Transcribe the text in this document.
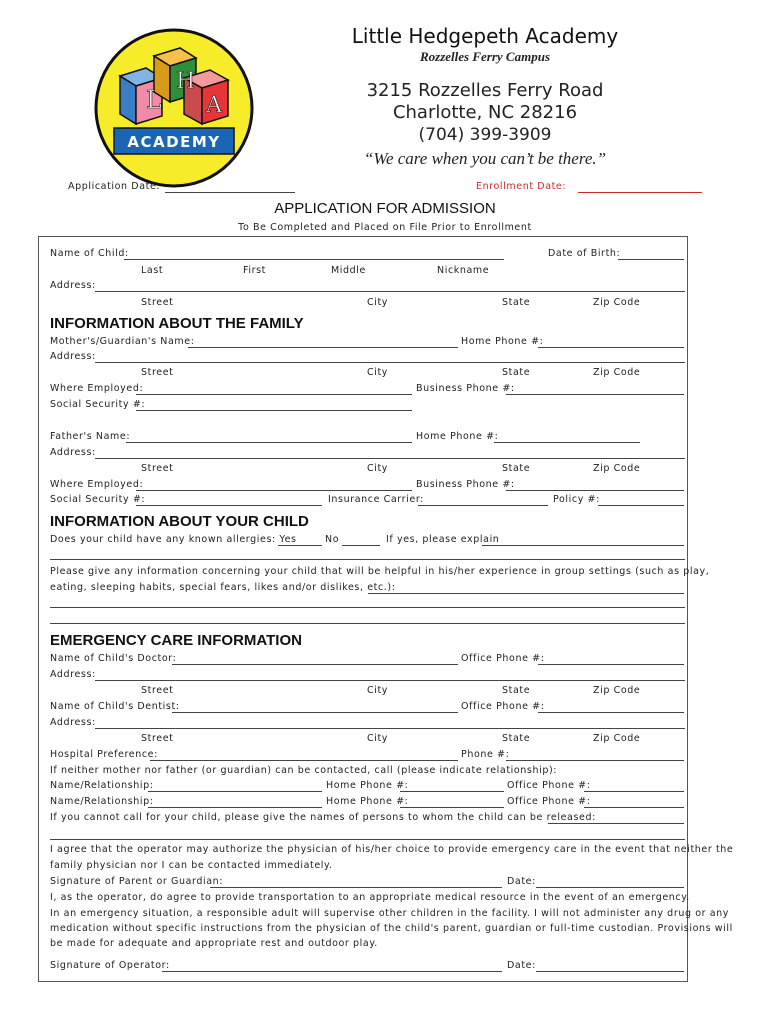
L
H
A
ACADEMY
Little Hedgepeth Academy
Rozzelles Ferry Campus
3215 Rozzelles Ferry Road
Charlotte, NC 28216
(704) 399-3909
“We care when you can’t be there.”
Application Date:	Enrollment Date:
APPLICATION FOR ADMISSION
To Be Completed and Placed on File Prior to Enrollment
Name of Child:	Date of Birth:
Last	First	Middle	Nickname
Address:
Street	City	State	Zip Code
INFORMATION ABOUT THE FAMILY
Mother's/Guardian's Name:	Home Phone #:
Address:
Street	City	State	Zip Code
Where Employed:	Business Phone #:
Social Security #:
Father's Name:	Home Phone #:
Address:
Street	City	State	Zip Code
Where Employed:	Business Phone #:
Social Security #:	Insurance Carrier:	Policy #:
INFORMATION ABOUT YOUR CHILD
Does your child have any known allergies: Yes	No	If yes, please explain
Please give any information concerning your child that will be helpful in his/her experience in group settings (such as play,
eating, sleeping habits, special fears, likes and/or dislikes, etc.):
EMERGENCY CARE INFORMATION
Name of Child's Doctor:	Office Phone #:
Address:
Street	City	State	Zip Code
Name of Child's Dentist:	Office Phone #:
Address:
Street	City	State	Zip Code
Hospital Preference:	Phone #:
If neither mother nor father (or guardian) can be contacted, call (please indicate relationship):
Name/Relationship:	Home Phone #:	Office Phone #:
Name/Relationship:	Home Phone #:	Office Phone #:
If you cannot call for your child, please give the names of persons to whom the child can be released:
I agree that the operator may authorize the physician of his/her choice to provide emergency care in the event that neither the
family physician nor I can be contacted immediately.
Signature of Parent or Guardian:	Date:
I, as the operator, do agree to provide transportation to an appropriate medical resource in the event of an emergency.
In an emergency situation, a responsible adult will supervise other children in the facility. I will not administer any drug or any
medication without specific instructions from the physician of the child's parent, guardian or full-time custodian. Provisions will
be made for adequate and appropriate rest and outdoor play.
Signature of Operator:	Date:
